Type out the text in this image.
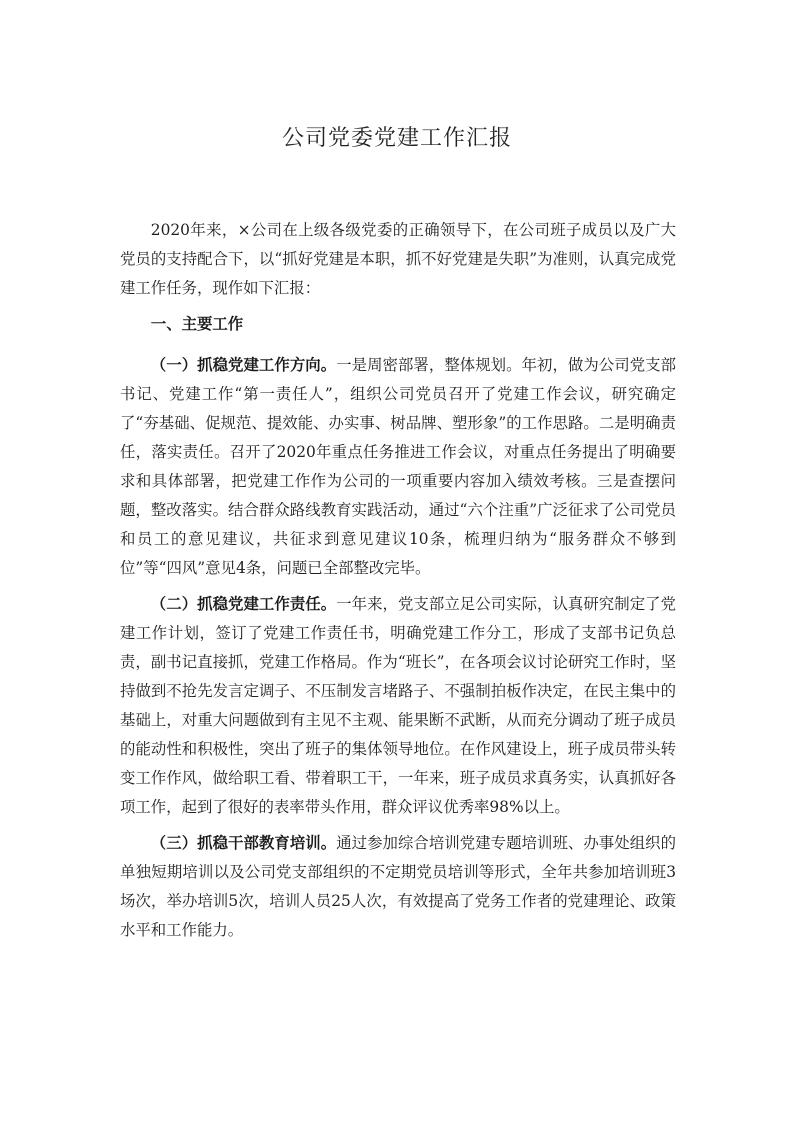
公司党委党建工作汇报

2020年来，×公司在上级各级党委的正确领导下，在公司班子成员以及广大党员的支持配合下，以“抓好党建是本职，抓不好党建是失职”为准则，认真完成党建工作任务，现作如下汇报：

一、主要工作

（一）抓稳党建工作方向。一是周密部署，整体规划。年初，做为公司党支部书记、党建工作“第一责任人”，组织公司党员召开了党建工作会议，研究确定了“夯基础、促规范、提效能、办实事、树品牌、塑形象”的工作思路。二是明确责任，落实责任。召开了2020年重点任务推进工作会议，对重点任务提出了明确要求和具体部署，把党建工作作为公司的一项重要内容加入绩效考核。三是查摆问题，整改落实。结合群众路线教育实践活动，通过“六个注重”广泛征求了公司党员和员工的意见建议，共征求到意见建议10条，梳理归纳为“服务群众不够到位”等“四风”意见4条，问题已全部整改完毕。

（二）抓稳党建工作责任。一年来，党支部立足公司实际，认真研究制定了党建工作计划，签订了党建工作责任书，明确党建工作分工，形成了支部书记负总责，副书记直接抓，党建工作格局。作为“班长”，在各项会议讨论研究工作时，坚持做到不抢先发言定调子、不压制发言堵路子、不强制拍板作决定，在民主集中的基础上，对重大问题做到有主见不主观、能果断不武断，从而充分调动了班子成员的能动性和积极性，突出了班子的集体领导地位。在作风建设上，班子成员带头转变工作作风，做给职工看、带着职工干，一年来，班子成员求真务实，认真抓好各项工作，起到了很好的表率带头作用，群众评议优秀率98%以上。

（三）抓稳干部教育培训。通过参加综合培训党建专题培训班、办事处组织的单独短期培训以及公司党支部组织的不定期党员培训等形式，全年共参加培训班3场次，举办培训5次，培训人员25人次，有效提高了党务工作者的党建理论、政策水平和工作能力。
